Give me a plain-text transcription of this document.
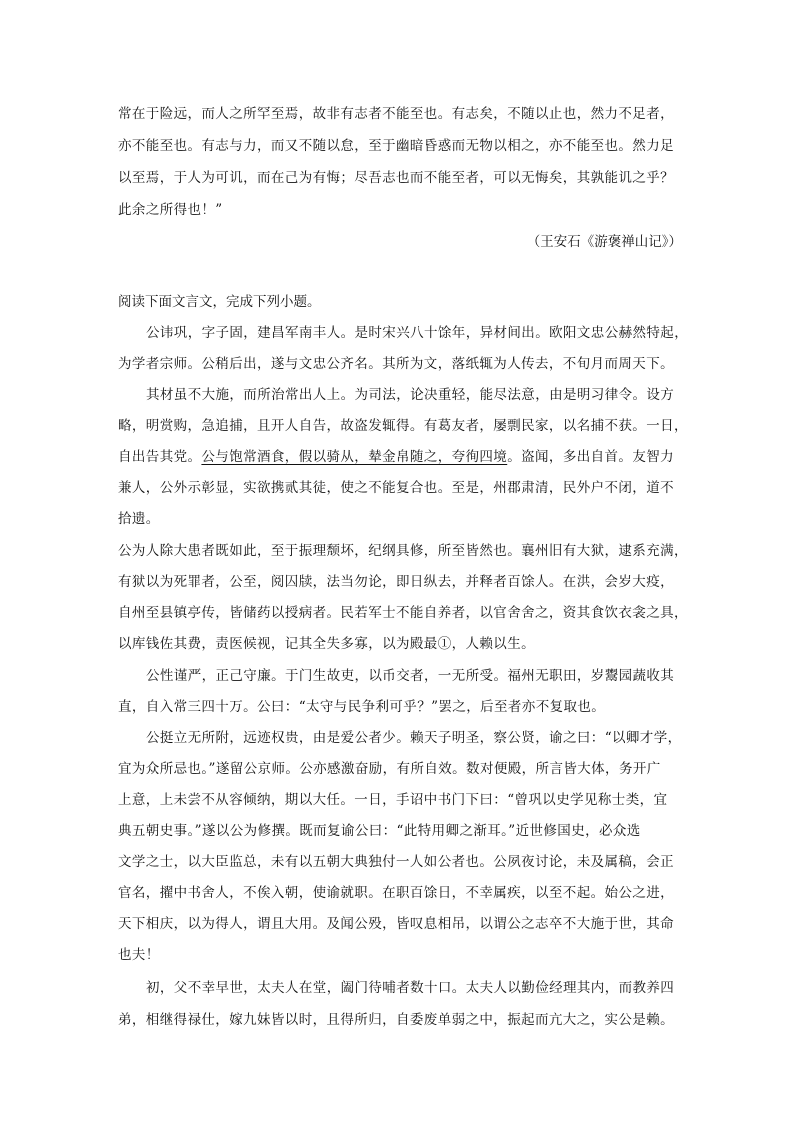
常在于险远，而人之所罕至焉，故非有志者不能至也。有志矣，不随以止也，然力不足者，
亦不能至也。有志与力，而又不随以怠，至于幽暗昏惑而无物以相之，亦不能至也。然力足
以至焉，于人为可讥，而在己为有悔；尽吾志也而不能至者，可以无悔矣，其孰能讥之乎？
此余之所得也！”
（王安石《游褒禅山记》）
阅读下面文言文，完成下列小题。
公讳巩，字子固，建昌军南丰人。是时宋兴八十馀年，异材间出。欧阳文忠公赫然特起，
为学者宗师。公稍后出，遂与文忠公齐名。其所为文，落纸辄为人传去，不旬月而周天下。
其材虽不大施，而所治常出人上。为司法，论决重轻，能尽法意，由是明习律令。设方
略，明赏购，急追捕，且开人自告，故盗发辄得。有葛友者，屡剽民家，以名捕不获。一日，
自出告其党。公与饱常酒食，假以骑从，辇金帛随之，夸徇四境。盗闻，多出自首。友智力
兼人，公外示彰显，实欲携贰其徒，使之不能复合也。至是，州郡肃清，民外户不闭，道不
拾遗。
公为人除大患者既如此，至于振理颓坏，纪纲具修，所至皆然也。襄州旧有大狱，逮系充满，
有狱以为死罪者，公至，阅囚牍，法当勿论，即日纵去，并释者百馀人。在洪，会岁大疫，
自州至县镇亭传，皆储药以授病者。民若军士不能自养者，以官舍舍之，资其食饮衣衾之具，
以库钱佐其费，责医候视，记其全失多寡，以为殿最①，人赖以生。
公性谨严，正己守廉。于门生故吏，以币交者，一无所受。福州无职田，岁鬻园蔬收其
直，自入常三四十万。公曰：“太守与民争利可乎？”罢之，后至者亦不复取也。
公挺立无所附，远迹权贵，由是爱公者少。赖天子明圣，察公贤，谕之曰：“以卿才学，
宜为众所忌也。”遂留公京师。公亦感激奋励，有所自效。数对便殿，所言皆大体，务开广
上意，上未尝不从容倾纳，期以大任。一日，手诏中书门下曰：“曾巩以史学见称士类，宜
典五朝史事。”遂以公为修撰。既而复谕公曰：“此特用卿之渐耳。”近世修国史，必众选
文学之士，以大臣监总，未有以五朝大典独付一人如公者也。公夙夜讨论，未及属稿，会正
官名，擢中书舍人，不俟入朝，使谕就职。在职百馀日，不幸属疾，以至不起。始公之进，
天下相庆，以为得人，谓且大用。及闻公殁，皆叹息相吊，以谓公之志卒不大施于世，其命
也夫！
初，父不幸早世，太夫人在堂，阖门待哺者数十口。太夫人以勤俭经理其内，而教养四
弟，相继得禄仕，嫁九妹皆以时，且得所归，自委废单弱之中，振起而亢大之，实公是赖。
